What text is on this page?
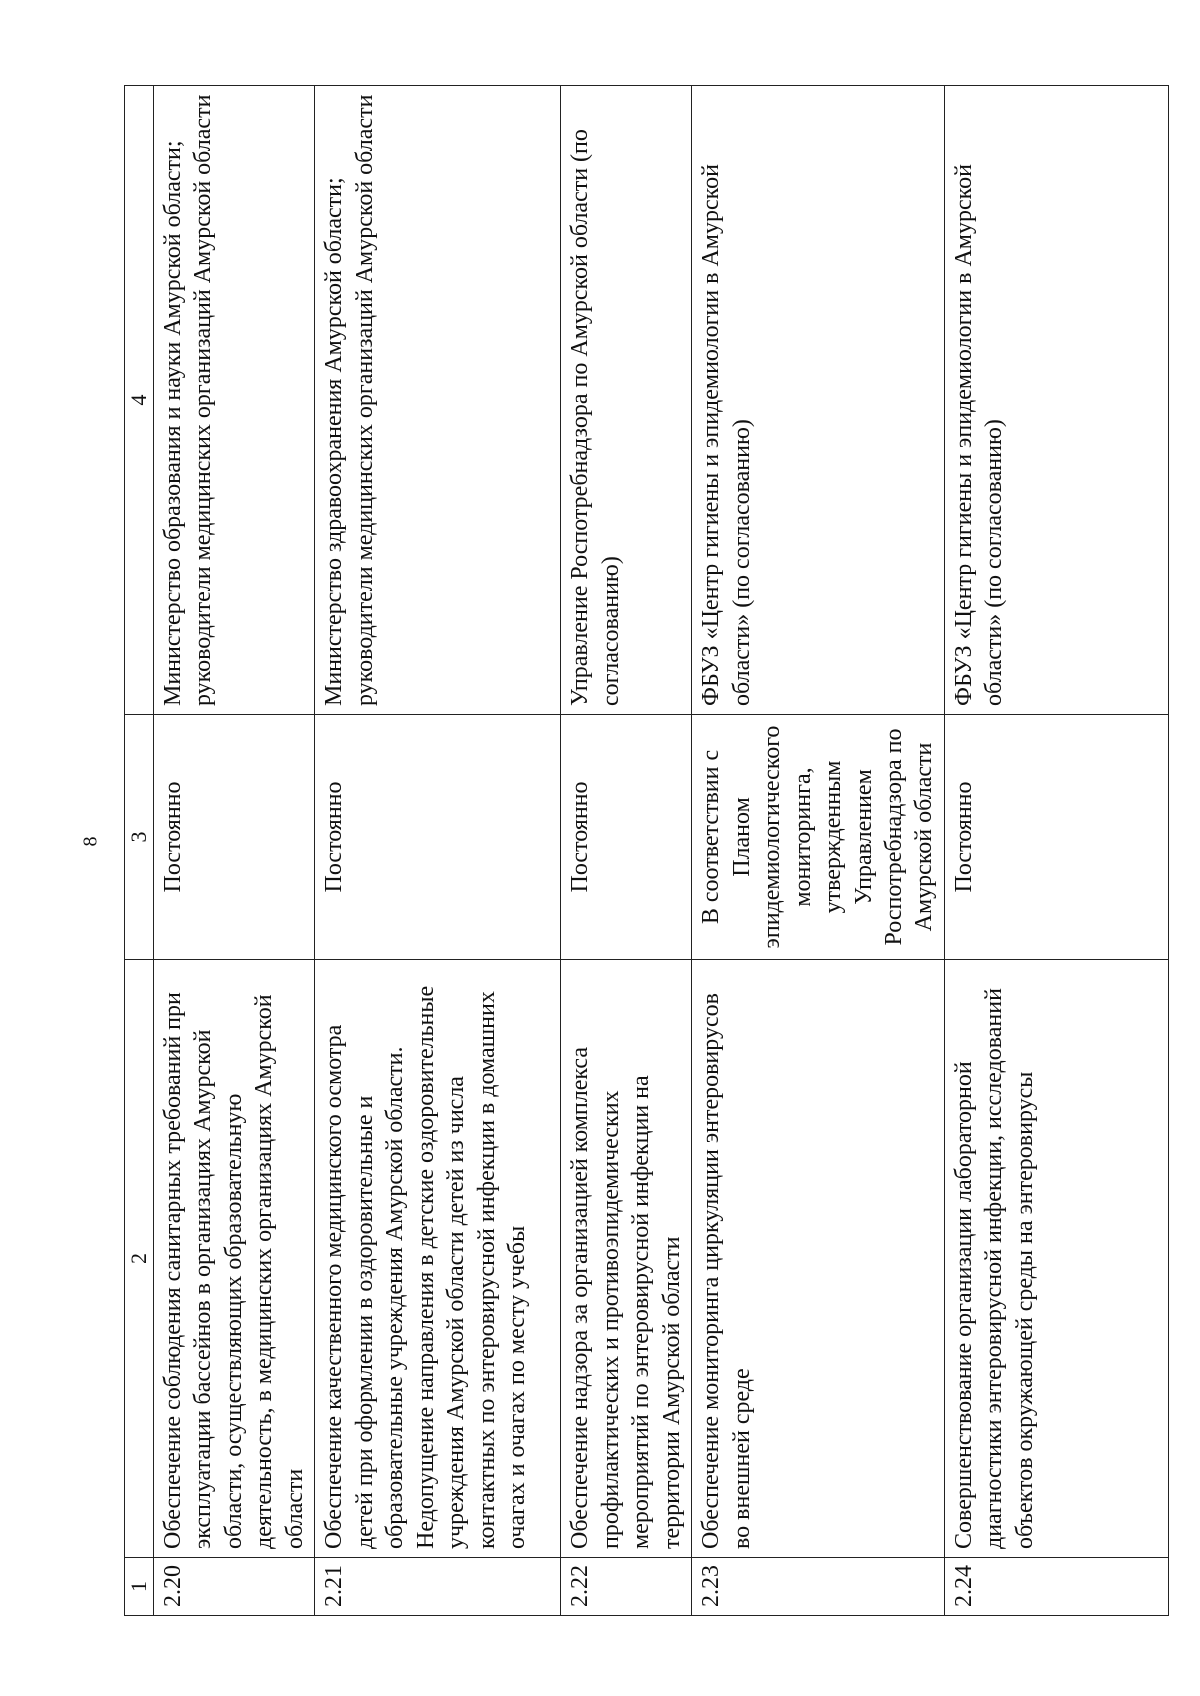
8
1	2	3	4
2.20	Обеспечение соблюдения санитарных требований при эксплуатации бассейнов в организациях Амурской области, осуществляющих образовательную деятельность, в медицинских организациях Амурской области	Постоянно	Министерство образования и науки Амурской области; руководители медицинских организаций Амурской области
2.21	Обеспечение качественного медицинского осмотра детей при оформлении в оздоровительные и образовательные учреждения Амурской области. Недопущение направления в детские оздоровительные учреждения Амурской области детей из числа контактных по энтеровирусной инфекции в домашних очагах и очагах по месту учебы	Постоянно	Министерство здравоохранения Амурской области; руководители медицинских организаций Амурской области
2.22	Обеспечение надзора за организацией комплекса профилактических и противоэпидемических мероприятий по энтеровирусной инфекции на территории Амурской области	Постоянно	Управление Роспотребнадзора по Амурской области (по согласованию)
2.23	Обеспечение мониторинга циркуляции энтеровирусов во внешней среде	В соответствии с Планом эпидемиологического мониторинга, утвержденным Управлением Роспотребнадзора по Амурской области	ФБУЗ «Центр гигиены и эпидемиологии в Амурской области» (по согласованию)
2.24	Совершенствование организации лабораторной диагностики энтеровирусной инфекции, исследований объектов окружающей среды на энтеровирусы	Постоянно	ФБУЗ «Центр гигиены и эпидемиологии в Амурской области» (по согласованию)
